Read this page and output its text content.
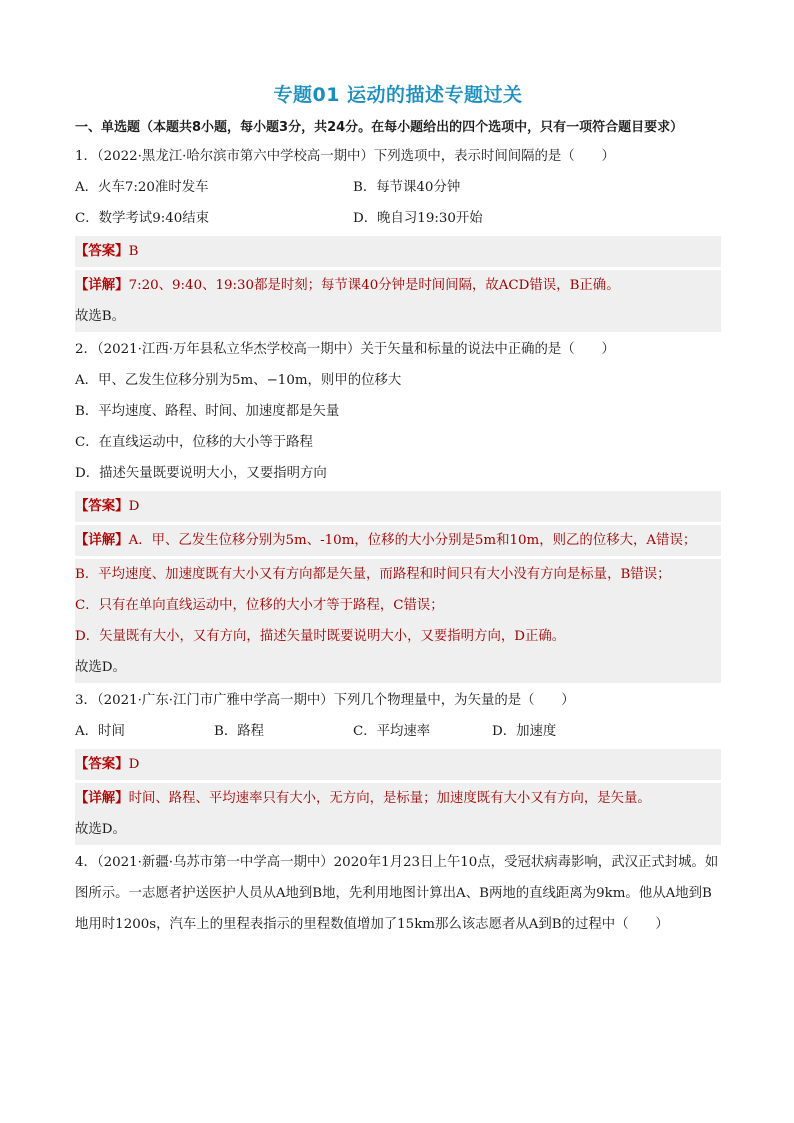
专题01 运动的描述专题过关
一、单选题（本题共8小题，每小题3分，共24分。在每小题给出的四个选项中，只有一项符合题目要求）
1．（2022·黑龙江·哈尔滨市第六中学校高一期中）下列选项中，表示时间间隔的是（　　）
A．火车7:20准时发车	B．每节课40分钟
C．数学考试9:40结束	D．晚自习19:30开始
【答案】B
【详解】7:20、9:40、19:30都是时刻；每节课40分钟是时间间隔，故ACD错误，B正确。
故选B。
2．（2021·江西·万年县私立华杰学校高一期中）关于矢量和标量的说法中正确的是（　　）
A．甲、乙发生位移分别为5m、−10m，则甲的位移大
B．平均速度、路程、时间、加速度都是矢量
C．在直线运动中，位移的大小等于路程
D．描述矢量既要说明大小，又要指明方向
【答案】D
【详解】A．甲、乙发生位移分别为5m、-10m，位移的大小分别是5m和10m，则乙的位移大，A错误；
B．平均速度、加速度既有大小又有方向都是矢量，而路程和时间只有大小没有方向是标量，B错误；
C．只有在单向直线运动中，位移的大小才等于路程，C错误；
D．矢量既有大小，又有方向，描述矢量时既要说明大小，又要指明方向，D正确。
故选D。
3．（2021·广东·江门市广雅中学高一期中）下列几个物理量中，为矢量的是（　　）
A．时间	B．路程	C．平均速率	D．加速度
【答案】D
【详解】时间、路程、平均速率只有大小，无方向，是标量；加速度既有大小又有方向，是矢量。
故选D。
4．（2021·新疆·乌苏市第一中学高一期中）2020年1月23日上午10点，受冠状病毒影响，武汉正式封城。如图所示。一志愿者护送医护人员从A地到B地，先利用地图计算出A、B两地的直线距离为9km。他从A地到B地用时1200s，汽车上的里程表指示的里程数值增加了15km那么该志愿者从A到B的过程中（　　）
